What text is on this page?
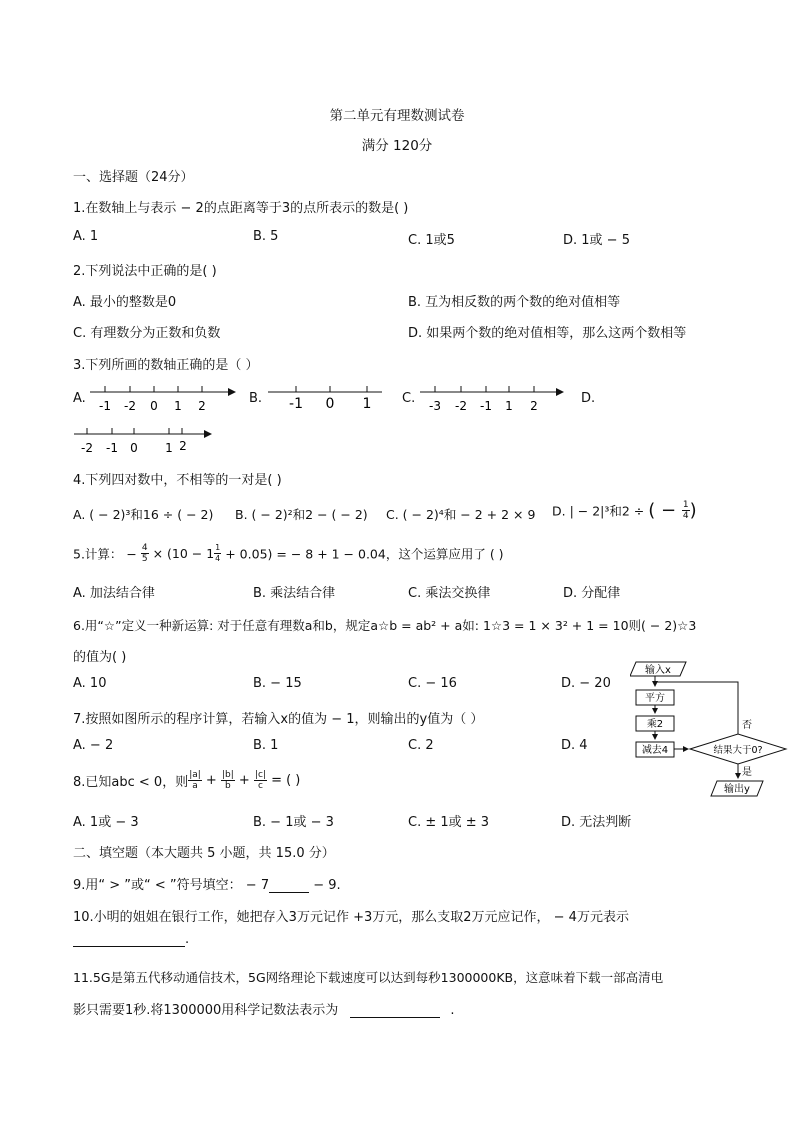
第二单元有理数测试卷
满分 120分
一、选择题（24分）
1.在数轴上与表示 − 2的点距离等于3的点所表示的数是( )
A. 1	B. 5	C. 1或5	D. 1或 − 5
2.下列说法中正确的是( )
A. 最小的整数是0	B. 互为相反数的两个数的绝对值相等
C. 有理数分为正数和负数	D. 如果两个数的绝对值相等，那么这两个数相等
3.下列所画的数轴正确的是（ ）
A.	B.	C.	D.
-1 -2 0 1 2	-1 0 1	-3 -2 -1 1 2
-2 -1 0 1 2
4.下列四对数中，不相等的一对是( )
A. ( − 2)³和16 ÷ ( − 2) B. ( − 2)²和2 − ( − 2) C. ( − 2)⁴和 − 2 + 2 × 9 D. | − 2|³和2 ÷ ( − $\frac{1}{4}$ )
5.计算： − $\frac{4}{5} \times (10 - 1 \frac{1}{4} + 0.05)$ = − 8 + 1 − 0.04，这个运算应用了 ( )
A. 加法结合律	B. 乘法结合律	C. 乘法交换律	D. 分配律
6.用“☆”定义一种新运算: 对于任意有理数a和b，规定a☆b = ab² + a如: 1☆3 = 1 × 3² + 1 = 10则( − 2)☆3
的值为( )
A. 10	B. − 15	C. − 16	D. − 20
7.按照如图所示的程序计算，若输入x的值为 − 1，则输出的y值为（ ）
A. − 2	B. 1	C. 2	D. 4
输入x
平方
乘2
减去4	结果大于0?
否
是
输出y
8.已知abc < 0，则 $\frac{|a|}{a} + \frac{|b|}{b} + \frac{|c|}{c}$ = ( )
A. 1或 − 3	B. − 1或 − 3	C. ± 1或 ± 3	D. 无法判断
二、填空题（本大题共 5 小题，共 15.0 分）
9.用“ > ”或“ < ”符号填空： − 7	− 9.
10.小明的姐姐在银行工作，她把存入3万元记作 +3万元，那么支取2万元应记作， − 4万元表示
.
11.5G是第五代移动通信技术，5G网络理论下载速度可以达到每秒1300000KB，这意味着下载一部高清电
影只需要1秒.将1300000用科学记数法表示为	.
